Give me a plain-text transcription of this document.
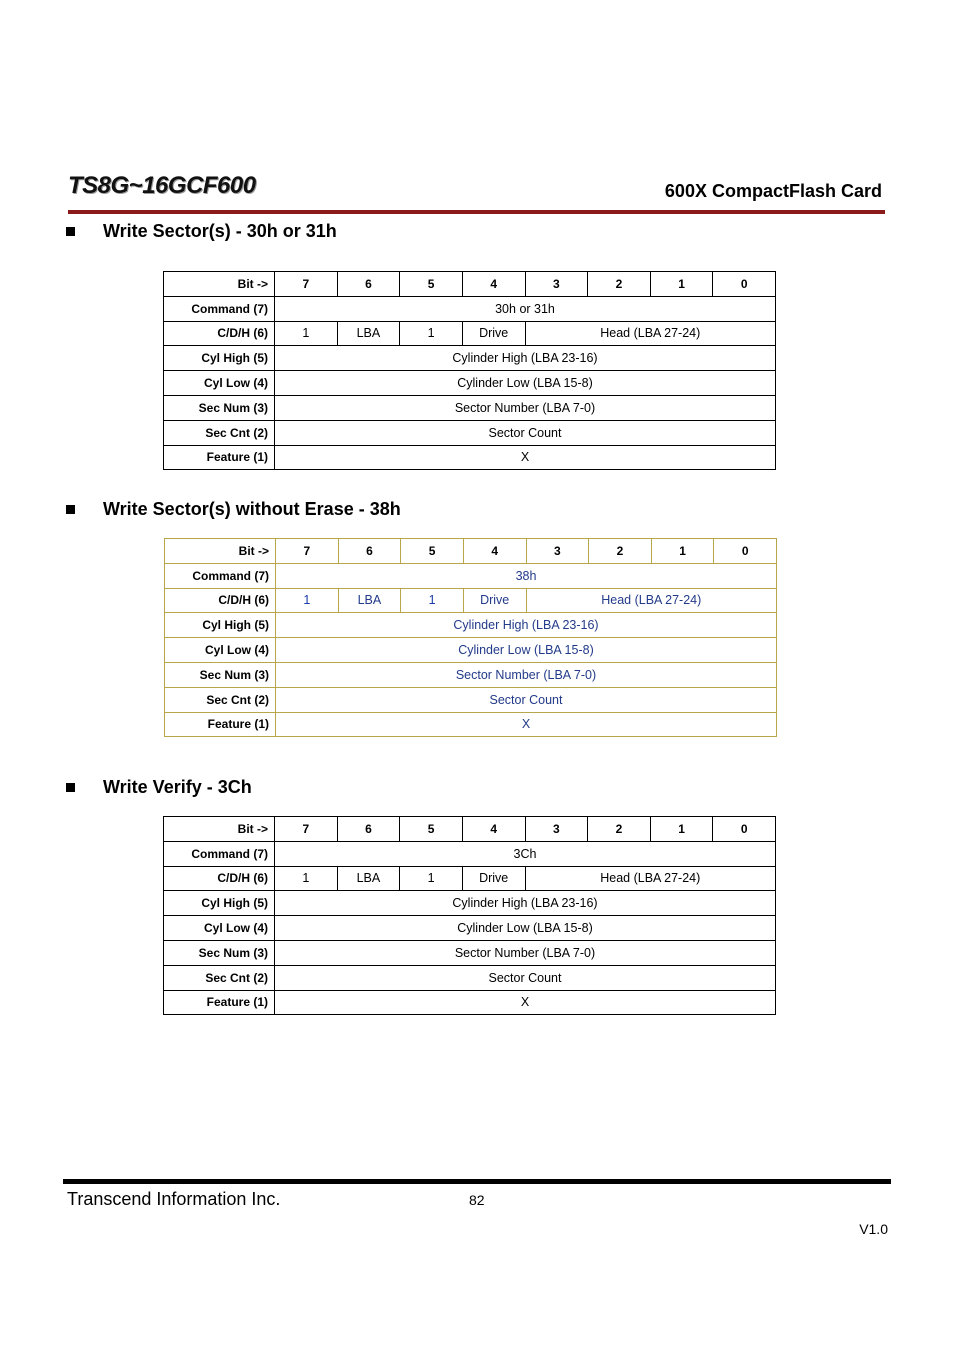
TS8G~16GCF600	600X CompactFlash Card
Write Sector(s) - 30h or 31h
Bit ->	7	6	5	4	3	2	1	0
Command (7)	30h or 31h							
C/D/H (6)	1	LBA	1	Drive	Head (LBA 27-24)			
Cyl High (5)	Cylinder High (LBA 23-16)							
Cyl Low (4)	Cylinder Low (LBA 15-8)							
Sec Num (3)	Sector Number (LBA 7-0)							
Sec Cnt (2)	Sector Count							
Feature (1)	X							
Write Sector(s) without Erase - 38h
Bit ->	7	6	5	4	3	2	1	0
Command (7)	38h							
C/D/H (6)	1	LBA	1	Drive	Head (LBA 27-24)			
Cyl High (5)	Cylinder High (LBA 23-16)							
Cyl Low (4)	Cylinder Low (LBA 15-8)							
Sec Num (3)	Sector Number (LBA 7-0)							
Sec Cnt (2)	Sector Count							
Feature (1)	X							
Write Verify - 3Ch
Bit ->	7	6	5	4	3	2	1	0
Command (7)	3Ch							
C/D/H (6)	1	LBA	1	Drive	Head (LBA 27-24)			
Cyl High (5)	Cylinder High (LBA 23-16)							
Cyl Low (4)	Cylinder Low (LBA 15-8)							
Sec Num (3)	Sector Number (LBA 7-0)							
Sec Cnt (2)	Sector Count							
Feature (1)	X							
Transcend Information Inc.	82
V1.0
